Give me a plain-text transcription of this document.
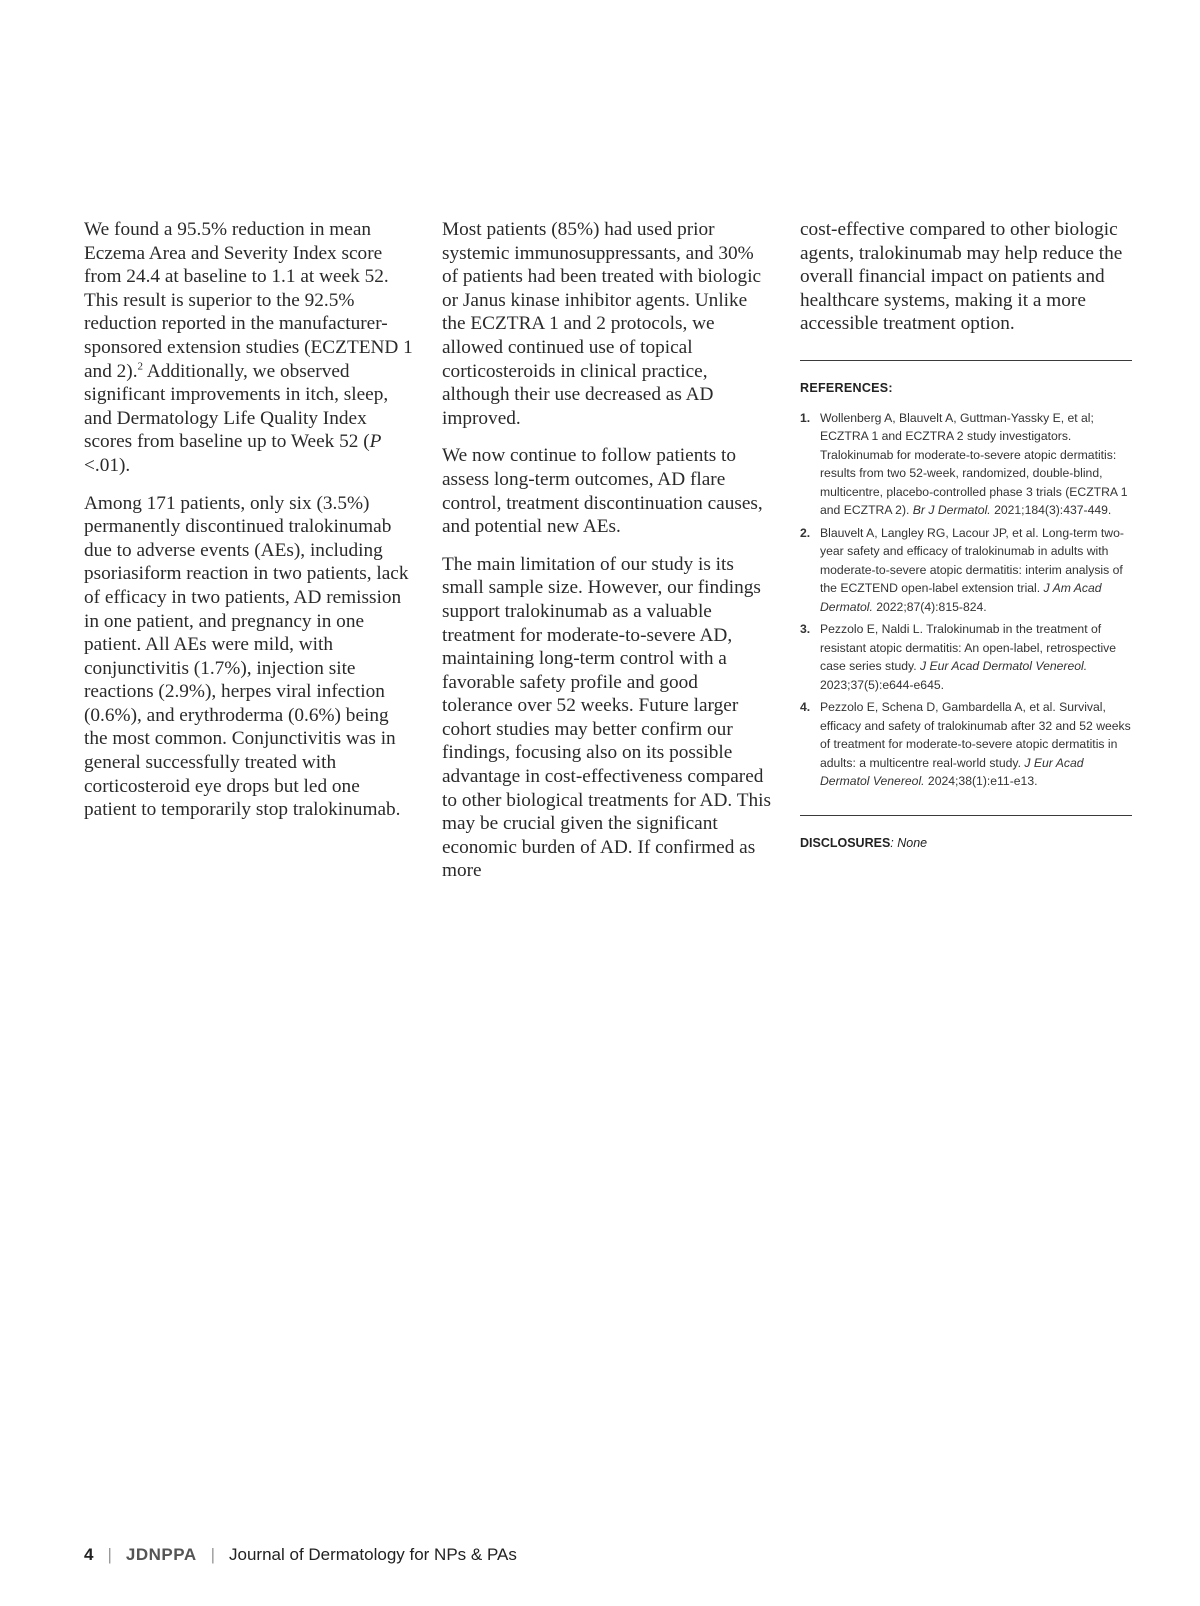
We found a 95.5% reduction in mean Eczema Area and Severity Index score from 24.4 at baseline to 1.1 at week 52. This result is superior to the 92.5% reduction reported in the manufacturer-sponsored extension studies (ECZTEND 1 and 2).$^2$ Additionally, we observed significant improvements in itch, sleep, and Dermatology Life Quality Index scores from baseline up to Week 52 (P <.01).

Among 171 patients, only six (3.5%) permanently discontinued tralokinumab due to adverse events (AEs), including psoriasiform reaction in two patients, lack of efficacy in two patients, AD remission in one patient, and pregnancy in one patient. All AEs were mild, with conjunctivitis (1.7%), injection site reactions (2.9%), herpes viral infection (0.6%), and erythroderma (0.6%) being the most common. Conjunctivitis was in general successfully treated with corticosteroid eye drops but led one patient to temporarily stop tralokinumab.

Most patients (85%) had used prior systemic immunosuppressants, and 30% of patients had been treated with biologic or Janus kinase inhibitor agents. Unlike the ECZTRA 1 and 2 protocols, we allowed continued use of topical corticosteroids in clinical practice, although their use decreased as AD improved.

We now continue to follow patients to assess long-term outcomes, AD flare control, treatment discontinuation causes, and potential new AEs.

The main limitation of our study is its small sample size. However, our findings support tralokinumab as a valuable treatment for moderate-to-severe AD, maintaining long-term control with a favorable safety profile and good tolerance over 52 weeks. Future larger cohort studies may better confirm our findings, focusing also on its possible advantage in cost-effectiveness compared to other biological treatments for AD. This may be crucial given the significant economic burden of AD. If confirmed as more

cost-effective compared to other biologic agents, tralokinumab may help reduce the overall financial impact on patients and healthcare systems, making it a more accessible treatment option.

REFERENCES:
1. Wollenberg A, Blauvelt A, Guttman-Yassky E, et al; ECZTRA 1 and ECZTRA 2 study investigators. Tralokinumab for moderate-to-severe atopic dermatitis: results from two 52-week, randomized, double-blind, multicentre, placebo-controlled phase 3 trials (ECZTRA 1 and ECZTRA 2). Br J Dermatol. 2021;184(3):437-449.
2. Blauvelt A, Langley RG, Lacour JP, et al. Long-term two-year safety and efficacy of tralokinumab in adults with moderate-to-severe atopic dermatitis: interim analysis of the ECZTEND open-label extension trial. J Am Acad Dermatol. 2022;87(4):815-824.
3. Pezzolo E, Naldi L. Tralokinumab in the treatment of resistant atopic dermatitis: An open-label, retrospective case series study. J Eur Acad Dermatol Venereol. 2023;37(5):e644-e645.
4. Pezzolo E, Schena D, Gambardella A, et al. Survival, efficacy and safety of tralokinumab after 32 and 52 weeks of treatment for moderate-to-severe atopic dermatitis in adults: a multicentre real-world study. J Eur Acad Dermatol Venereol. 2024;38(1):e11-e13.
DISCLOSURES: None
4 | JDNPPA | Journal of Dermatology for NPs & PAs
